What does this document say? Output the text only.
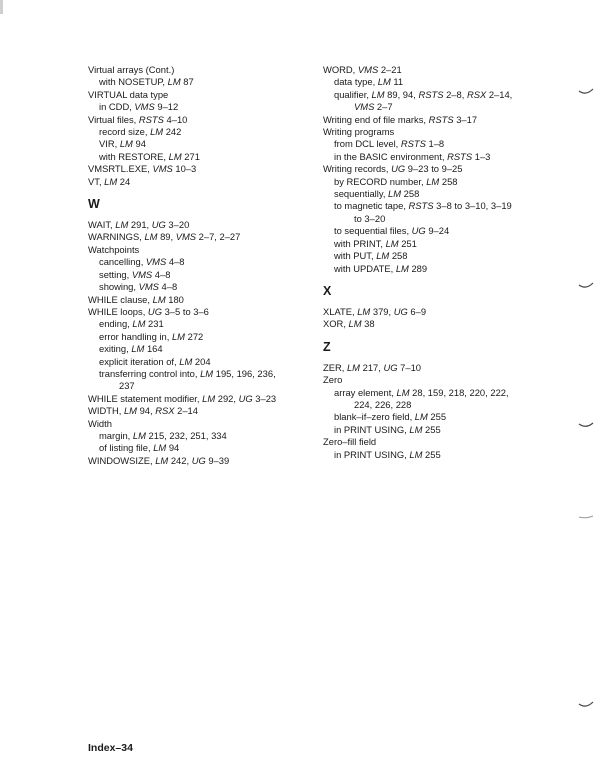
Virtual arrays (Cont.)
with NOSETUP, LM 87
VIRTUAL data type
in CDD, VMS 9–12
Virtual files, RSTS 4–10
record size, LM 242
VIR, LM 94
with RESTORE, LM 271
VMSRTL.EXE, VMS 10–3
VT, LM 24
W
WAIT, LM 291, UG 3–20
WARNINGS, LM 89, VMS 2–7, 2–27
Watchpoints
cancelling, VMS 4–8
setting, VMS 4–8
showing, VMS 4–8
WHILE clause, LM 180
WHILE loops, UG 3–5 to 3–6
ending, LM 231
error handling in, LM 272
exiting, LM 164
explicit iteration of, LM 204
transferring control into, LM 195, 196, 236,
237
WHILE statement modifier, LM 292, UG 3–23
WIDTH, LM 94, RSX 2–14
Width
margin, LM 215, 232, 251, 334
of listing file, LM 94
WINDOWSIZE, LM 242, UG 9–39
WORD, VMS 2–21
data type, LM 11
qualifier, LM 89, 94, RSTS 2–8, RSX 2–14,
VMS 2–7
Writing end of file marks, RSTS 3–17
Writing programs
from DCL level, RSTS 1–8
in the BASIC environment, RSTS 1–3
Writing records, UG 9–23 to 9–25
by RECORD number, LM 258
sequentially, LM 258
to magnetic tape, RSTS 3–8 to 3–10, 3–19
to 3–20
to sequential files, UG 9–24
with PRINT, LM 251
with PUT, LM 258
with UPDATE, LM 289
X
XLATE, LM 379, UG 6–9
XOR, LM 38
Z
ZER, LM 217, UG 7–10
Zero
array element, LM 28, 159, 218, 220, 222,
224, 226, 228
blank–if–zero field, LM 255
in PRINT USING, LM 255
Zero–fill field
in PRINT USING, LM 255
Index–34
